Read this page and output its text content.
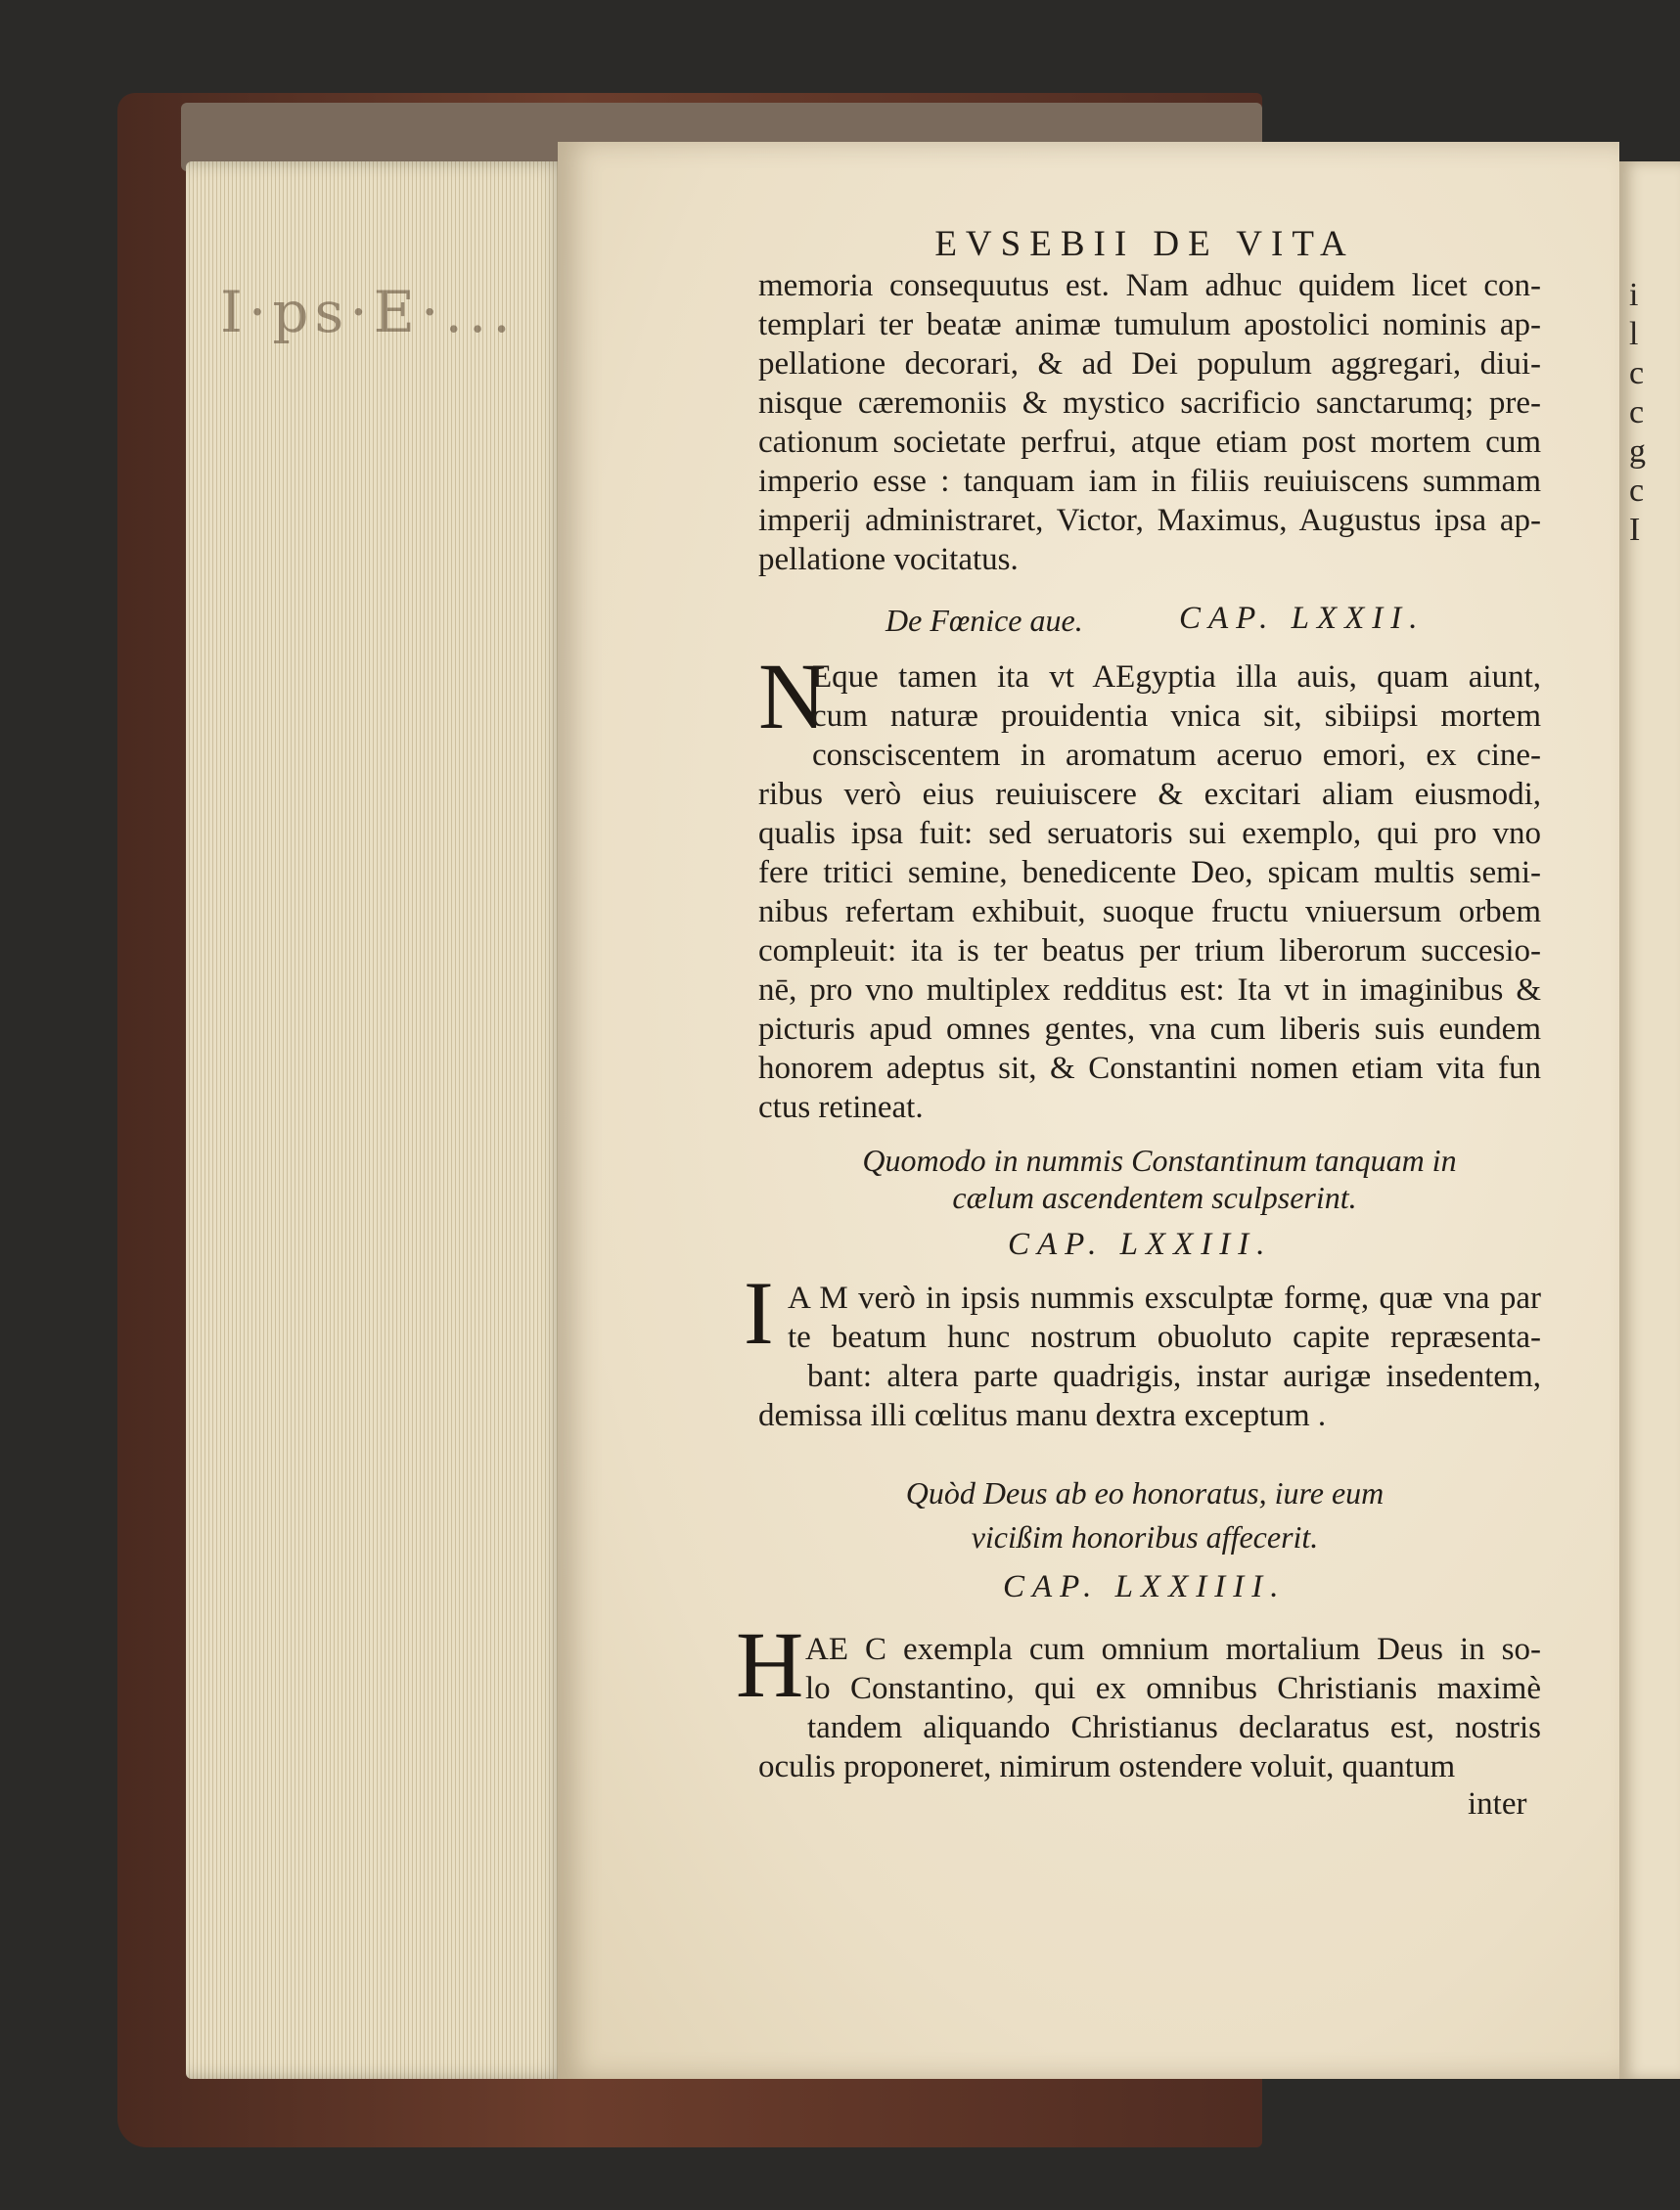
I·ps·E·...	i
l
c
c
g
c
I
EVSEBII DE VITA
memoria consequutus est. Nam adhuc quidem licet con-
templari ter beatæ animæ tumulum apostolici nominis ap-
pellatione decorari, & ad Dei populum aggregari, diui-
nisque cæremoniis & mystico sacrificio sanctarumq; pre-
cationum societate perfrui, atque etiam post mortem cum
imperio esse : tanquam iam in filiis reuiuiscens summam
imperij administraret, Victor, Maximus, Augustus ipsa ap-
pellatione vocitatus.
De Fœnice aue.	CAP. LXXII.
N
Eque tamen ita vt AEgyptia illa auis, quam aiunt,
cum naturæ prouidentia vnica sit, sibiipsi mortem
consciscentem in aromatum aceruo emori, ex cine-
ribus verò eius reuiuiscere & excitari aliam eiusmodi,
qualis ipsa fuit: sed seruatoris sui exemplo, qui pro vno
fere tritici semine, benedicente Deo, spicam multis semi-
nibus refertam exhibuit, suoque fructu vniuersum orbem
compleuit: ita is ter beatus per trium liberorum succesio-
nē, pro vno multiplex redditus est: Ita vt in imaginibus &
picturis apud omnes gentes, vna cum liberis suis eundem
honorem adeptus sit, & Constantini nomen etiam vita fun
ctus retineat.
Quomodo in nummis Constantinum tanquam in
cælum ascendentem sculpserint.
CAP. LXXIII.
I A M verò in ipsis nummis exsculptæ formę, quæ vna par
te beatum hunc nostrum obuoluto capite repræsenta-
bant: altera parte quadrigis, instar aurigæ insedentem,
demissa illi cœlitus manu dextra exceptum .
Quòd Deus ab eo honoratus, iure eum
vicißim honoribus affecerit.
CAP. LXXIIII.
H AE C exempla cum omnium mortalium Deus in so-
lo Constantino, qui ex omnibus Christianis maximè
tandem aliquando Christianus declaratus est, nostris
oculis proponeret, nimirum ostendere voluit, quantum
inter
